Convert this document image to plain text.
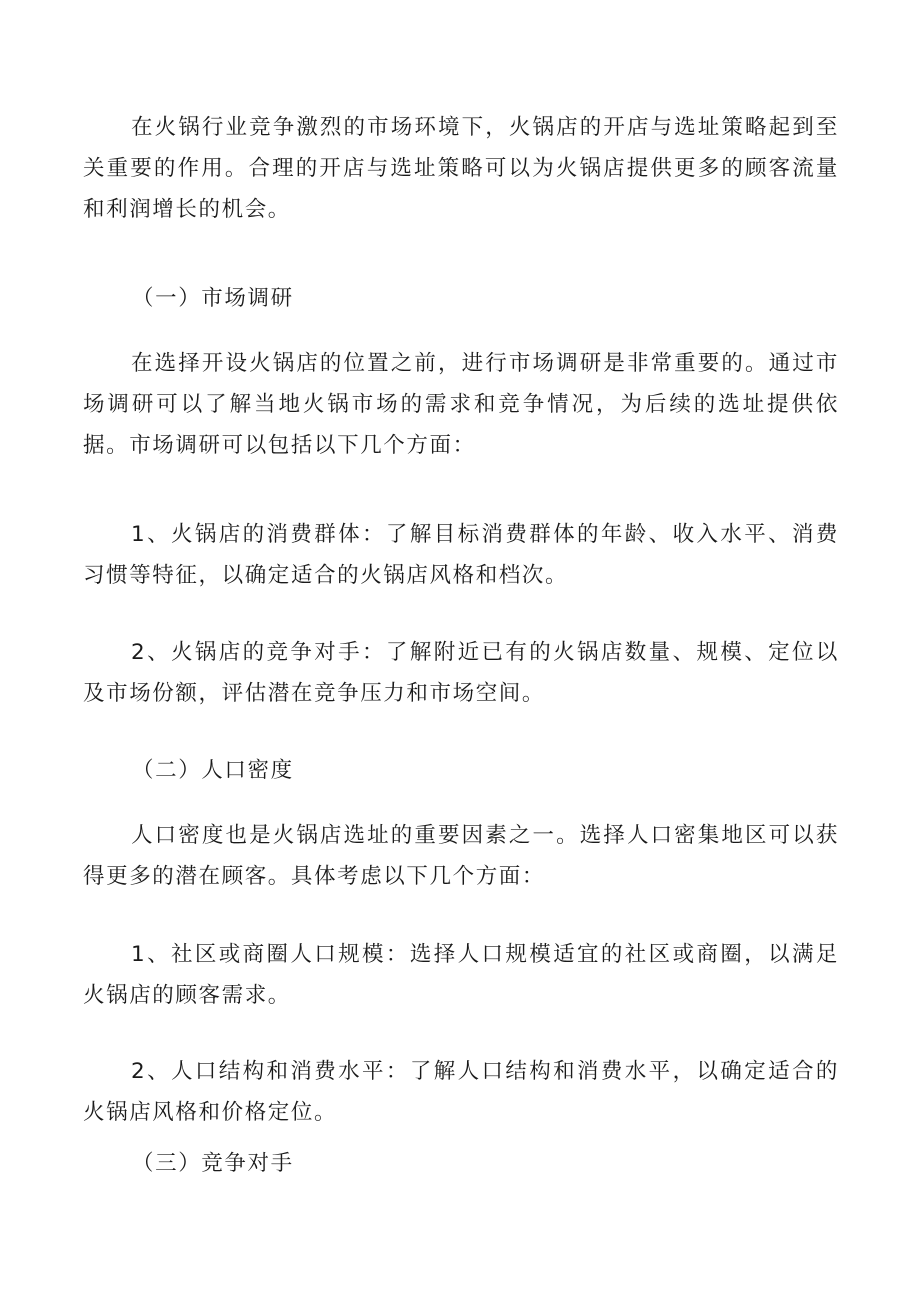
在火锅行业竞争激烈的市场环境下，火锅店的开店与选址策略起到至关重要的作用。合理的开店与选址策略可以为火锅店提供更多的顾客流量和利润增长的机会。

（一）市场调研

在选择开设火锅店的位置之前，进行市场调研是非常重要的。通过市场调研可以了解当地火锅市场的需求和竞争情况，为后续的选址提供依据。市场调研可以包括以下几个方面：

1、火锅店的消费群体：了解目标消费群体的年龄、收入水平、消费习惯等特征，以确定适合的火锅店风格和档次。

2、火锅店的竞争对手：了解附近已有的火锅店数量、规模、定位以及市场份额，评估潜在竞争压力和市场空间。

（二）人口密度

人口密度也是火锅店选址的重要因素之一。选择人口密集地区可以获得更多的潜在顾客。具体考虑以下几个方面：

1、社区或商圈人口规模：选择人口规模适宜的社区或商圈，以满足火锅店的顾客需求。

2、人口结构和消费水平：了解人口结构和消费水平，以确定适合的火锅店风格和价格定位。

（三）竞争对手
